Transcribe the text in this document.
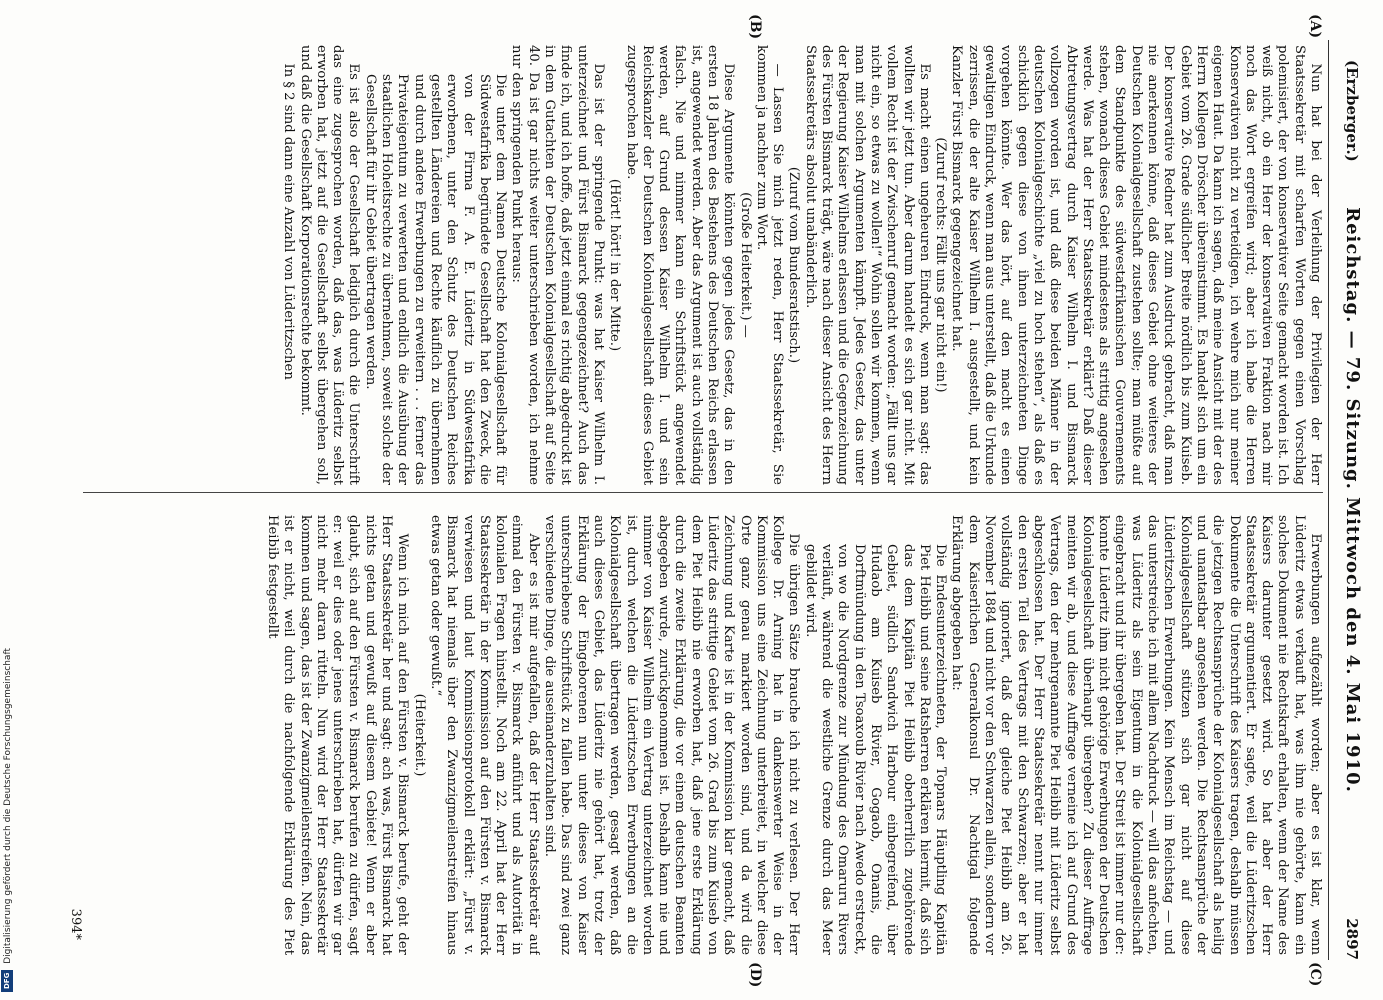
(Erzberger.)
Reichstag. — 79. Sitzung. Mittwoch den 4. Mai 1910.
2897
(A)
(B)
(C)
(D)

Nun hat bei der Verleihung der Privilegien der Herr Staatssekretär mit scharfen Worten gegen einen Vorschlag polemisiert, der von konservativer Seite gemacht worden ist. Ich weiß nicht, ob ein Herr der konservativen Fraktion nach mir noch das Wort ergreifen wird; aber ich habe die Herren Konservativen nicht zu verteidigen, ich wehre mich nur meiner eigenen Haut. Da kann ich sagen, daß meine Ansicht mit der des Herrn Kollegen Dröscher übereinstimmt. Es handelt sich um ein Gebiet vom 26. Grade südlicher Breite nördlich bis zum Kuiseb. Der konservative Redner hat zum Ausdruck gebracht, daß man nie anerkennen könne, daß dieses Gebiet ohne weiteres der Deutschen Kolonialgesellschaft zustehen sollte; man müßte auf dem Standpunkte des südwestafrikanischen Gouvernements stehen, wonach dieses Gebiet mindestens als strittig angesehen werde. Was hat der Herr Staatssekretär erklärt? Daß dieser Abtretungsvertrag durch Kaiser Wilhelm I. und Bismarck vollzogen worden ist, und daß diese beiden Männer in der deutschen Kolonialgeschichte „viel zu hoch stehen“, als daß es schicklich gegen diese von ihnen unterzeichneten Dinge vorgehen könnte. Wer das hört, auf den macht es einen gewaltigen Eindruck, wenn man aus unterstellt, daß die Urkunde zerrissen, die der alte Kaiser Wilhelm I. ausgestellt, und kein Kanzler Fürst Bismarck gegengezeichnet hat.

(Zuruf rechts: Fällt uns gar nicht ein!)

Es macht einen ungeheuren Eindruck, wenn man sagt: das wollten wir jetzt tun. Aber darum handelt es sich gar nicht. Mit vollem Recht ist der Zwischenruf gemacht worden: „Fällt uns gar nicht ein, so etwas zu wollen!“ Wohin sollen wir kommen, wenn man mit solchen Argumenten kämpft. Jedes Gesetz, das unter der Regierung Kaiser Wilhelms erlassen und die Gegenzeichnung des Fürsten Bismarck trägt, wäre nach dieser Ansicht des Herrn Staatssekretärs absolut unabänderlich.

(Zuruf vom Bundesratstisch.)

— Lassen Sie mich jetzt reden, Herr Staatssekretär, Sie kommen ja nachher zum Wort.

(Große Heiterkeit.) —

Diese Argumente könnten gegen jedes Gesetz, das in den ersten 18 Jahren des Bestehens des Deutschen Reichs erlassen ist, angewendet werden. Aber das Argument ist auch vollständig falsch. Nie und nimmer kann ein Schriftstück angewendet werden, auf Grund dessen Kaiser Wilhelm I. und sein Reichskanzler der Deutschen Kolonialgesellschaft dieses Gebiet zugesprochen habe.

(Hört! hört! in der Mitte.)

Das ist der springende Punkt: was hat Kaiser Wilhelm I. unterzeichnet und Fürst Bismarck gegengezeichnet? Auch das finde ich, und ich hoffe, daß jetzt einmal es richtig abgedruckt ist in dem Gutachten der Deutschen Kolonialgesellschaft auf Seite 40. Da ist gar nichts weiter unterschrieben worden, ich nehme nur den springenden Punkt heraus:

Die unter dem Namen Deutsche Kolonialgesellschaft für Südwestafrika begründete Gesellschaft hat den Zweck, die von der Firma F. A. E. Lüderitz in Südwestafrika erworbenen, unter den Schutz des Deutschen Reiches gestellten Ländereien und Rechte käuflich zu übernehmen und durch andere Erwerbungen zu erweitern . . . ferner das Privateigentum zu verwerten und endlich die Ausübung der staatlichen Hoheitsrechte zu übernehmen, soweit solche der Gesellschaft für ihr Gebiet übertragen werden.

Es ist also der Gesellschaft lediglich durch die Unterschrift das eine zugesprochen worden, daß das, was Lüderitz selbst erworben hat, jetzt auf die Gesellschaft selbst übergehen soll, und daß die Gesellschaft Korporationsrechte bekommt.

In § 2 sind dann eine Anzahl von Lüderitzschen

Erwerbungen aufgezählt worden; aber es ist klar, wenn Lüderitz etwas verkauft hat, was ihm nie gehörte, kann ein solches Dokument nie Rechtskraft erhalten, wenn der Name des Kaisers darunter gesetzt wird. So hat aber der Herr Staatssekretär argumentiert. Er sagte, weil die Lüderitzschen Dokumente die Unterschrift des Kaisers tragen, deshalb müssen die jetzigen Rechtsansprüche der Kolonialgesellschaft als heilig und unantastbar angesehen werden. Die Rechtsansprüche der Kolonialgesellschaft stützen sich gar nicht auf diese Lüderitzschen Erwerbungen. Kein Mensch im Reichstag — und das unterstreiche ich mit allem Nachdruck — will das anfechten, was Lüderitz als sein Eigentum in die Kolonialgesellschaft eingebracht und ihr übergeben hat. Der Streit ist immer nur der: konnte Lüderitz ihm nicht gehörige Erwerbungen der Deutschen Kolonialgesellschaft überhaupt übergeben? Zu dieser Auffrage meinten wir ab, und diese Auffrage verneine ich auf Grund des Vertrags, den der mehrgenannte Piet Heibib mit Lüderitz selbst abgeschlossen hat. Der Herr Staatssekretär nennt nur immer den ersten Teil des Vertrags mit den Schwarzen; aber er hat vollständig ignoriert, daß der gleiche Piet Heibib am 26. November 1884 und nicht vor den Schwarzen allein, sondern vor dem Kaiserlichen Generalkonsul Dr. Nachtigal folgende Erklärung abgegeben hat:

Die Endesunterzeichneten, der Topnars Häuptling Kapitän Piet Heibib und seine Ratsherren erklären hiermit, daß sich das dem Kapitän Piet Heibib oberherrlich zugehörende Gebiet, südlich Sandwich Harbour einbegreifend, über Hudaob am Kuiseb Rivier, Gogaob, Onanis, die Dorftmündung in den Tsoaxoub Rivier nach Awedo erstreckt, von wo die Nordgrenze zur Mündung des Omaruru Rivers verläuft, während die westliche Grenze durch das Meer gebildet wird.

Die übrigen Sätze brauche ich nicht zu verlesen. Der Herr Kollege Dr. Arning hat in dankenswerter Weise in der Kommission uns eine Zeichnung unterbreitet, in welcher diese Orte ganz genau markiert worden sind, und da wird die Zeichnung und Karte ist in der Kommission klar gemacht, daß Lüderitz das strittige Gebiet vom 26. Grad bis zum Kuiseb von dem Piet Heibib nie erworben hat, daß jene erste Erklärung durch die zweite Erklärung, die vor einem deutschen Beamten abgegeben wurde, zurückgenommen ist. Deshalb kann nie und nimmer von Kaiser Wilhelm ein Vertrag unterzeichnet worden ist, durch welchen die Lüderitzschen Erwerbungen an die Kolonialgesellschaft übertragen werden, gesagt werden, daß auch dieses Gebiet, das Lüderitz nie gehört hat, trotz der Erklärung der Eingeborenen nun unter dieses von Kaiser unterschriebene Schriftstück zu fallen habe. Das sind zwei ganz verschiedene Dinge, die auseinanderzuhalten sind.

Aber es ist mir aufgefallen, daß der Herr Staatssekretär auf einmal den Fürsten v. Bismarck anführt und als Autorität in kolonialen Fragen hinstellt. Noch am 22. April hat der Herr Staatssekretär in der Kommission auf den Fürsten v. Bismarck verwiesen und laut Kommissionsprotokoll erklärt: „Fürst v. Bismarck hat niemals über den Zwanzigmeilenstreifen hinaus etwas getan oder gewußt.“

(Heiterkeit.)

Wenn ich mich auf den Fürsten v. Bismarck berufe, geht der Herr Staatssekretär her und sagt: ach was, Fürst Bismarck hat nichts getan und gewußt auf diesem Gebiete! Wenn er aber glaubt, sich auf den Fürsten v. Bismarck berufen zu dürfen, sagt er: weil er dies oder jenes unterschrieben hat, dürfen wir gar nicht mehr daran rütteln. Nun wird der Herr Staatssekretär kommen und sagen, das ist der Zwanzigmeilenstreifen. Nein, das ist er nicht, weil durch die nachfolgende Erklärung des Piet Heibib festgestellt

394*
Digitalisierung gefördert durch die Deutsche Forschungsgemeinschaft
DFG
